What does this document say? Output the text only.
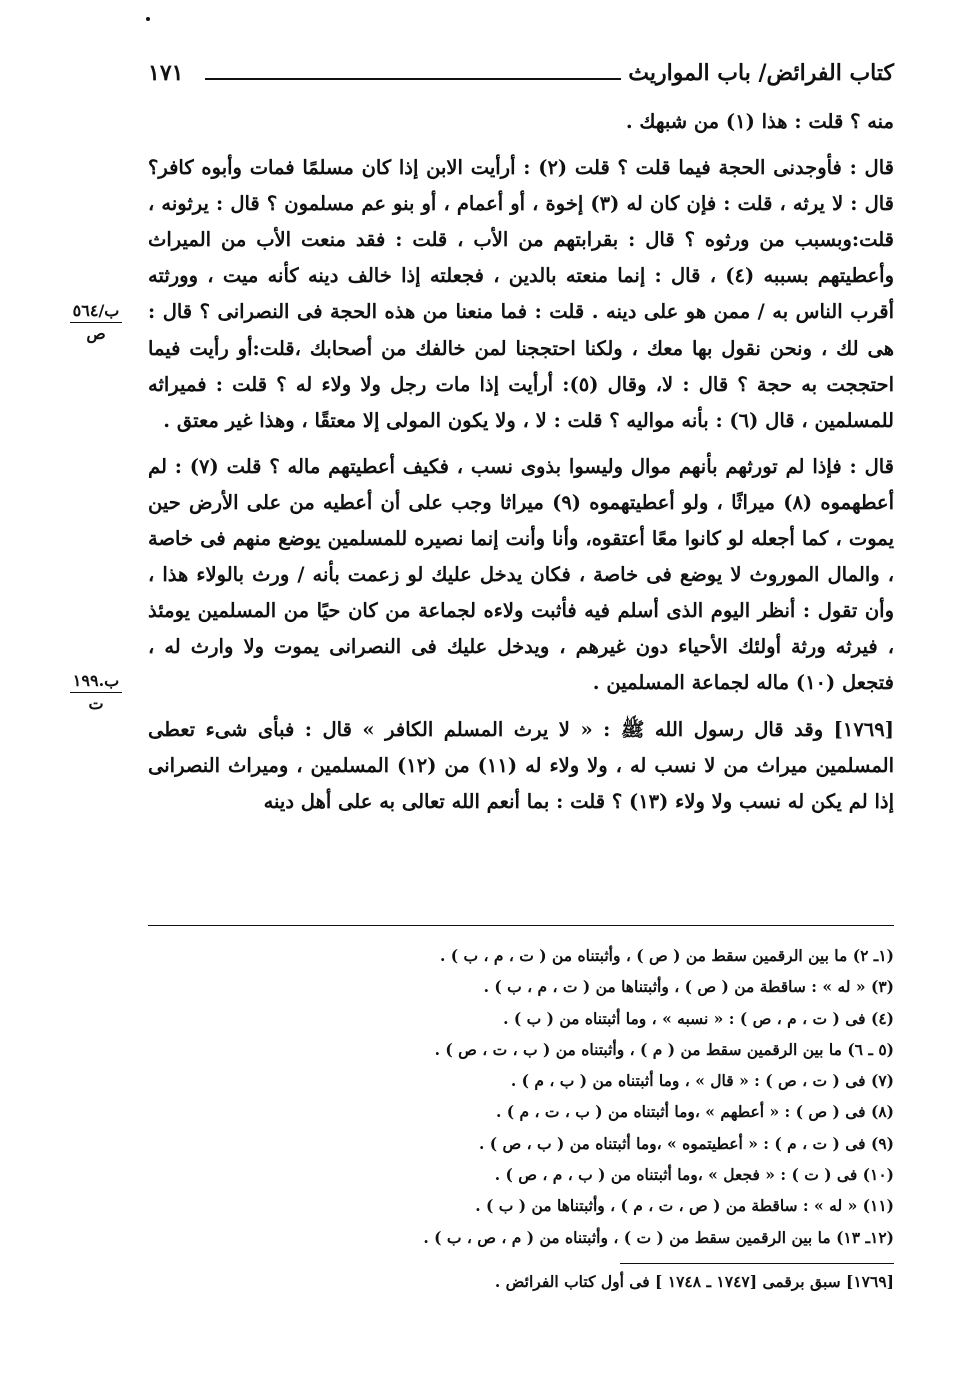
كتاب الفرائض/ باب المواريث
١٧١

منه ؟ قلت : هذا (١) من شبهك .

قال : فأوجدنى الحجة فيما قلت ؟ قلت (٢) : أرأيت الابن إذا كان مسلمًا فمات وأبوه كافر؟ قال : لا يرثه ، قلت : فإن كان له (٣) إخوة ، أو أعمام ، أو بنو عم مسلمون ؟ قال : يرثونه ، قلت:وبسبب من ورثوه ؟ قال : بقرابتهم من الأب ، قلت : فقد منعت الأب من الميراث وأعطيتهم بسببه (٤) ، قال : إنما منعته بالدين ، فجعلته إذا خالف دينه كأنه ميت ، وورثته أقرب الناس به / ممن هو على دينه . قلت : فما منعنا من هذه الحجة فى النصرانى ؟ قال : هى لك ، ونحن نقول بها معك ، ولكنا احتججنا لمن خالفك من أصحابك ،قلت:أو رأيت فيما احتججت به حجة ؟ قال : لا، وقال (٥): أرأيت إذا مات رجل ولا ولاء له ؟ قلت : فميراثه للمسلمين ، قال (٦) : بأنه مواليه ؟ قلت : لا ، ولا يكون المولى إلا معتقًا ، وهذا غير معتق .

قال : فإذا لم تورثهم بأنهم موال وليسوا بذوى نسب ، فكيف أعطيتهم ماله ؟ قلت (٧) : لم أعطهموه (٨) ميراثًا ، ولو أعطيتهموه (٩) ميراثا وجب على أن أعطيه من على الأرض حين يموت ، كما أجعله لو كانوا معًا أعتقوه، وأنا وأنت إنما نصيره للمسلمين يوضع منهم فى خاصة ، والمال الموروث لا يوضع فى خاصة ، فكان يدخل عليك لو زعمت بأنه / ورث بالولاء هذا ، وأن تقول : أنظر اليوم الذى أسلم فيه فأثبت ولاءه لجماعة من كان حيًا من المسلمين يومئذ ، فيرثه ورثة أولئك الأحياء دون غيرهم ، ويدخل عليك فى النصرانى يموت ولا وارث له ، فتجعل (١٠) ماله لجماعة المسلمين .

[١٧٦٩] وقد قال رسول الله ﷺ : « لا يرث المسلم الكافر » قال : فبأى شىء تعطى المسلمين ميراث من لا نسب له ، ولا ولاء له (١١) من (١٢) المسلمين ، وميراث النصرانى إذا لم يكن له نسب ولا ولاء (١٣) ؟ قلت : بما أنعم الله تعالى به على أهل دينه

ب/٥٦٤
ص
ب.١٩٩
ت
(١ـ ٢) ما بين الرقمين سقط من ( ص ) ، وأثبتناه من ( ت ، م ، ب ) .
(٣) « له » : ساقطة من ( ص ) ، وأثبتناها من ( ت ، م ، ب ) .
(٤) فى ( ت ، م ، ص ) : « نسبه » ، وما أثبتناه من ( ب ) .
(٥ ـ ٦) ما بين الرقمين سقط من ( م ) ، وأثبتناه من ( ب ، ت ، ص ) .
(٧) فى ( ت ، ص ) : « قال » ، وما أثبتناه من ( ب ، م ) .
(٨) فى ( ص ) : « أعطهم » ،وما أثبتناه من ( ب ، ت ، م ) .
(٩) فى ( ت ، م ) : « أعطيتموه » ،وما أثبتناه من ( ب ، ص ) .
(١٠) فى ( ت ) : « فجعل » ،وما أثبتناه من ( ب ، م ، ص ) .
(١١) « له » : ساقطة من ( ص ، ت ، م ) ، وأثبتناها من ( ب ) .
(١٢ـ ١٣) ما بين الرقمين سقط من ( ت ) ، وأثبتناه من ( م ، ص ، ب ) .
[١٧٦٩] سبق برقمى [١٧٤٧ ـ ١٧٤٨ ] فى أول كتاب الفرائض .
